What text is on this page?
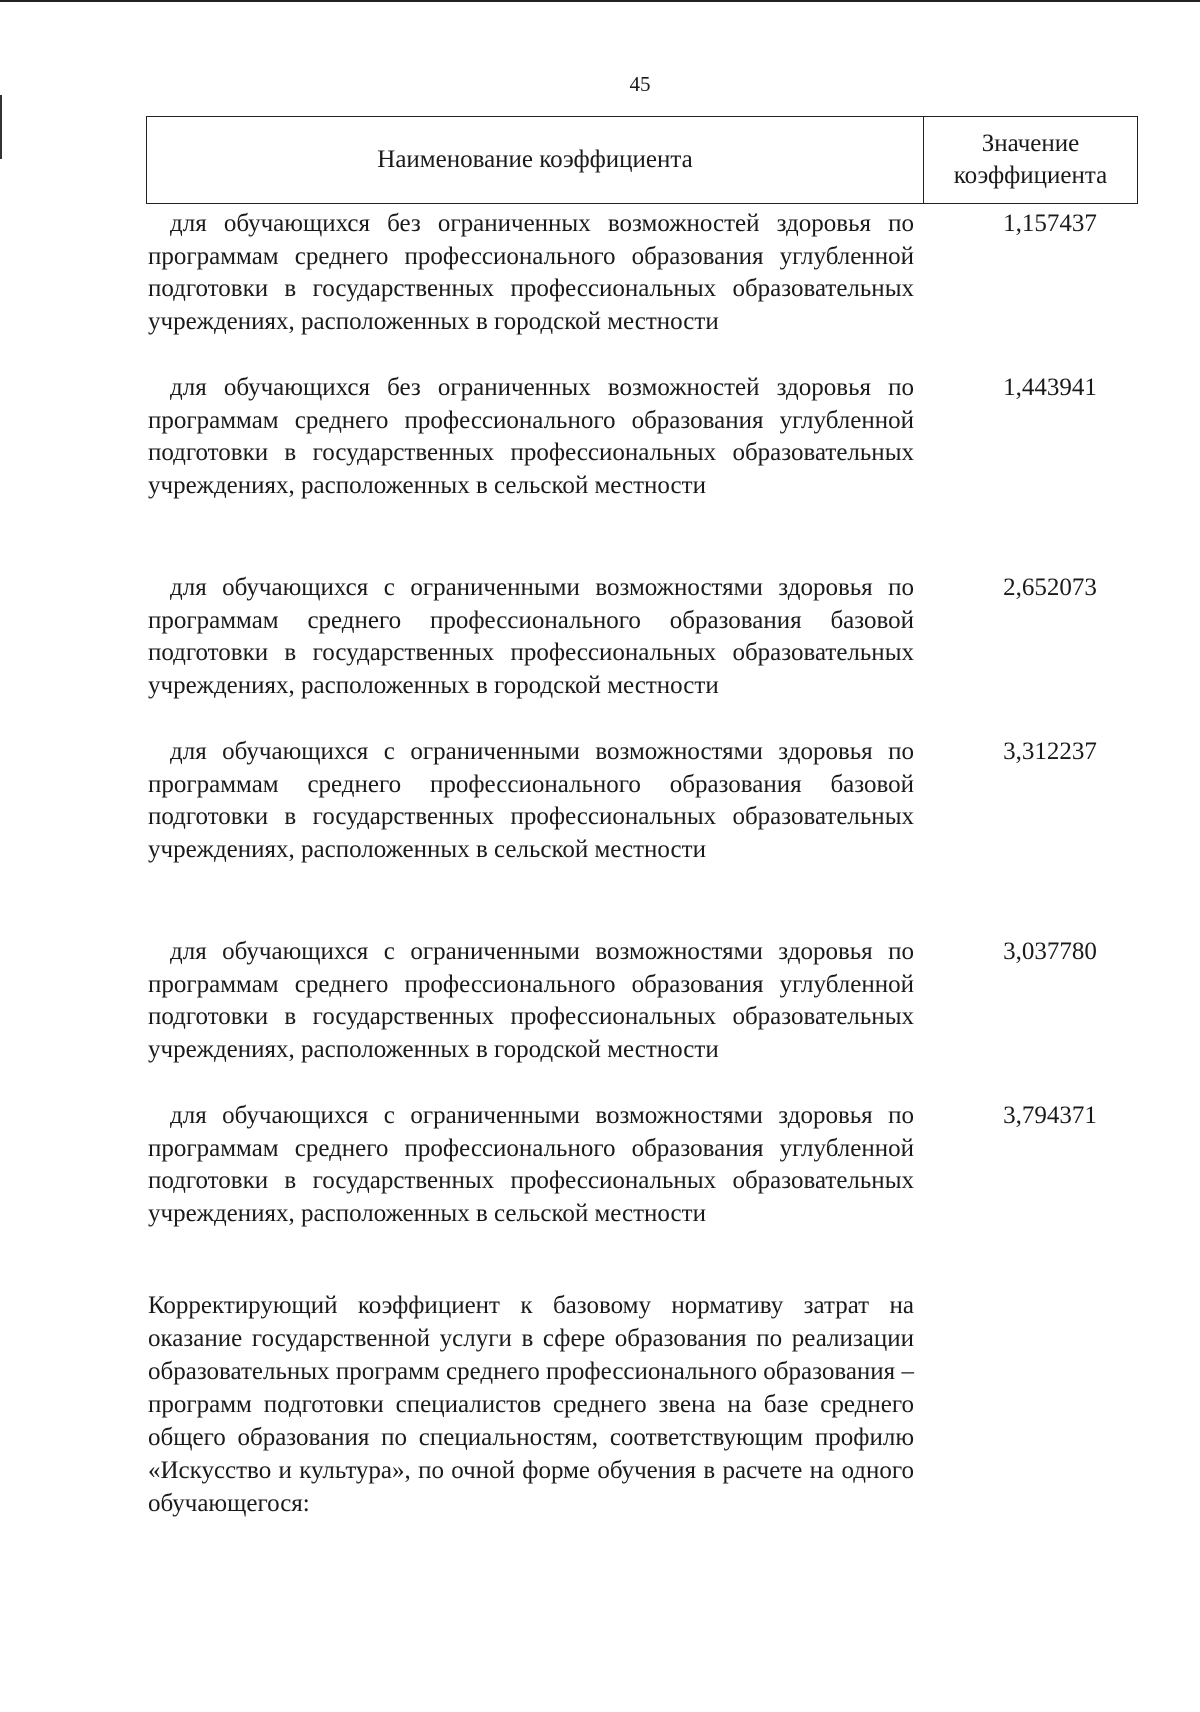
45
Наименование коэффициента
Значение коэффициента
для обучающихся без ограниченных возможностей здоровья по программам среднего профессионального образования углубленной подготовки в государственных профессиональных образовательных учреждениях, расположенных в городской местности
1,157437
для обучающихся без ограниченных возможностей здоровья по программам среднего профессионального образования углубленной подготовки в государственных профессиональных образовательных учреждениях, расположенных в сельской местности
1,443941
для обучающихся с ограниченными возможностями здоровья по программам среднего профессионального образования базовой подготовки в государственных профессиональных образовательных учреждениях, расположенных в городской местности
2,652073
для обучающихся с ограниченными возможностями здоровья по программам среднего профессионального образования базовой подготовки в государственных профессиональных образовательных учреждениях, расположенных в сельской местности
3,312237
для обучающихся с ограниченными возможностями здоровья по программам среднего профессионального образования углубленной подготовки в государственных профессиональных образовательных учреждениях, расположенных в городской местности
3,037780
для обучающихся с ограниченными возможностями здоровья по программам среднего профессионального образования углубленной подготовки в государственных профессиональных образовательных учреждениях, расположенных в сельской местности
3,794371
Корректирующий коэффициент к базовому нормативу затрат на оказание государственной услуги в сфере образования по реализации образовательных программ среднего профессионального образования – программ подготовки специалистов среднего звена на базе среднего общего образования по специальностям, соответствующим профилю «Искусство и культура», по очной форме обучения в расчете на одного обучающегося:
